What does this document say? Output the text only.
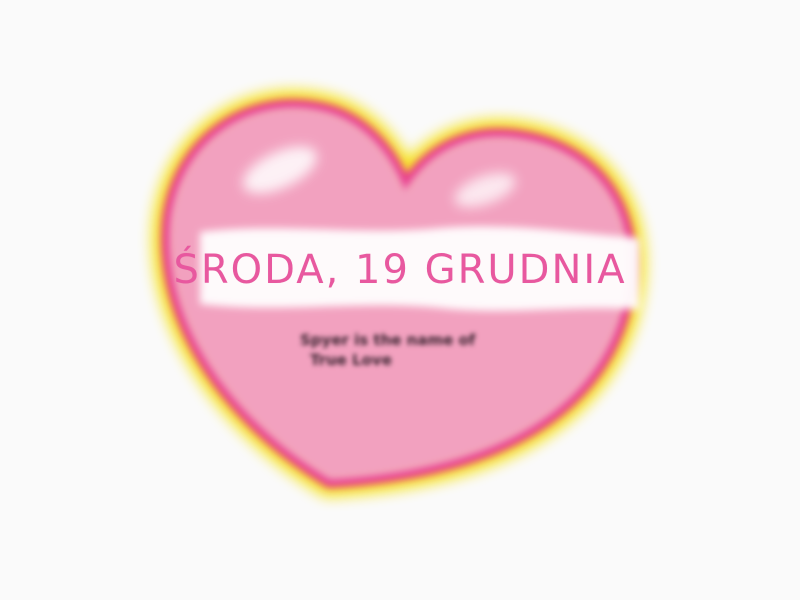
ŚRODA, 19 GRUDNIA
Spyer is the name of
True Love
